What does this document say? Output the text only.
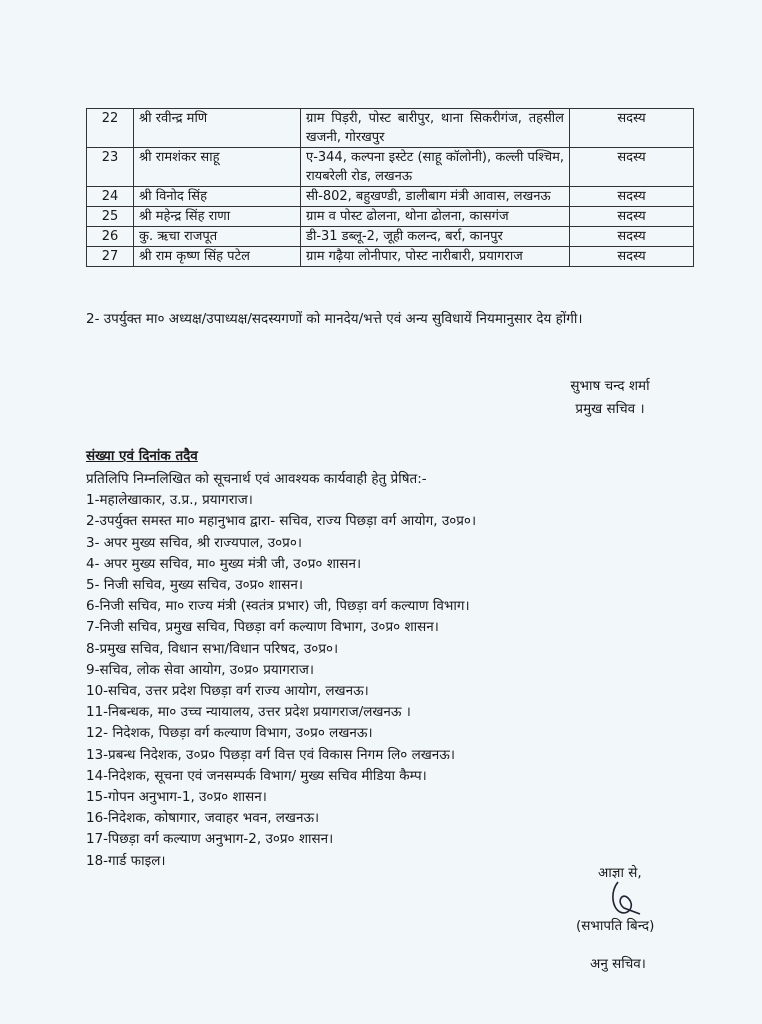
22	श्री रवीन्द्र मणि	ग्राम पिड़री, पोस्ट बारीपुर, थाना सिकरीगंज, तहसील खजनी, गोरखपुर	सदस्य
23	श्री रामशंकर साहू	ए-344, कल्पना इस्टेट (साहू कॉलोनी), कल्ली पश्चिम, रायबरेली रोड, लखनऊ	सदस्य
24	श्री विनोद सिंह	सी-802, बहुखण्डी, डालीबाग मंत्री आवास, लखनऊ	सदस्य
25	श्री महेन्द्र सिंह राणा	ग्राम व पोस्ट ढोलना, थोना ढोलना, कासगंज	सदस्य
26	कु. ऋचा राजपूत	डी-31 डब्लू-2, जूही कलन्द, बर्रा, कानपुर	सदस्य
27	श्री राम कृष्ण सिंह पटेल	ग्राम गढ़ैया लोनीपार, पोस्ट नारीबारी, प्रयागराज	सदस्य
2- उपर्युक्त मा० अध्यक्ष/उपाध्यक्ष/सदस्यगणों को मानदेय/भत्ते एवं अन्य सुविधायें नियमानुसार देय होंगी।
सुभाष चन्द शर्मा
प्रमुख सचिव ।
संख्या एवं दिनांक तदैव
प्रतिलिपि निम्नलिखित को सूचनार्थ एवं आवश्यक कार्यवाही हेतु प्रेषित:-
1-महालेखाकार, उ.प्र., प्रयागराज।
2-उपर्युक्त समस्त मा० महानुभाव द्वारा- सचिव, राज्य पिछड़ा वर्ग आयोग, उ०प्र०।
3- अपर मुख्य सचिव, श्री राज्यपाल, उ०प्र०।
4- अपर मुख्य सचिव, मा० मुख्य मंत्री जी, उ०प्र० शासन।
5- निजी सचिव, मुख्य सचिव, उ०प्र० शासन।
6-निजी सचिव, मा० राज्य मंत्री (स्वतंत्र प्रभार) जी, पिछड़ा वर्ग कल्याण विभाग।
7-निजी सचिव, प्रमुख सचिव, पिछड़ा वर्ग कल्याण विभाग, उ०प्र० शासन।
8-प्रमुख सचिव, विधान सभा/विधान परिषद, उ०प्र०।
9-सचिव, लोक सेवा आयोग, उ०प्र० प्रयागराज।
10-सचिव, उत्तर प्रदेश पिछड़ा वर्ग राज्य आयोग, लखनऊ।
11-निबन्धक, मा० उच्च न्यायालय, उत्तर प्रदेश प्रयागराज/लखनऊ ।
12- निदेशक, पिछड़ा वर्ग कल्याण विभाग, उ०प्र० लखनऊ।
13-प्रबन्ध निदेशक, उ०प्र० पिछड़ा वर्ग वित्त एवं विकास निगम लि० लखनऊ।
14-निदेशक, सूचना एवं जनसम्पर्क विभाग/ मुख्य सचिव मीडिया कैम्प।
15-गोपन अनुभाग-1, उ०प्र० शासन।
16-निदेशक, कोषागार, जवाहर भवन, लखनऊ।
17-पिछड़ा वर्ग कल्याण अनुभाग-2, उ०प्र० शासन।
18-गार्ड फाइल।
आज्ञा से,
(सभापति बिन्द)
अनु सचिव।
